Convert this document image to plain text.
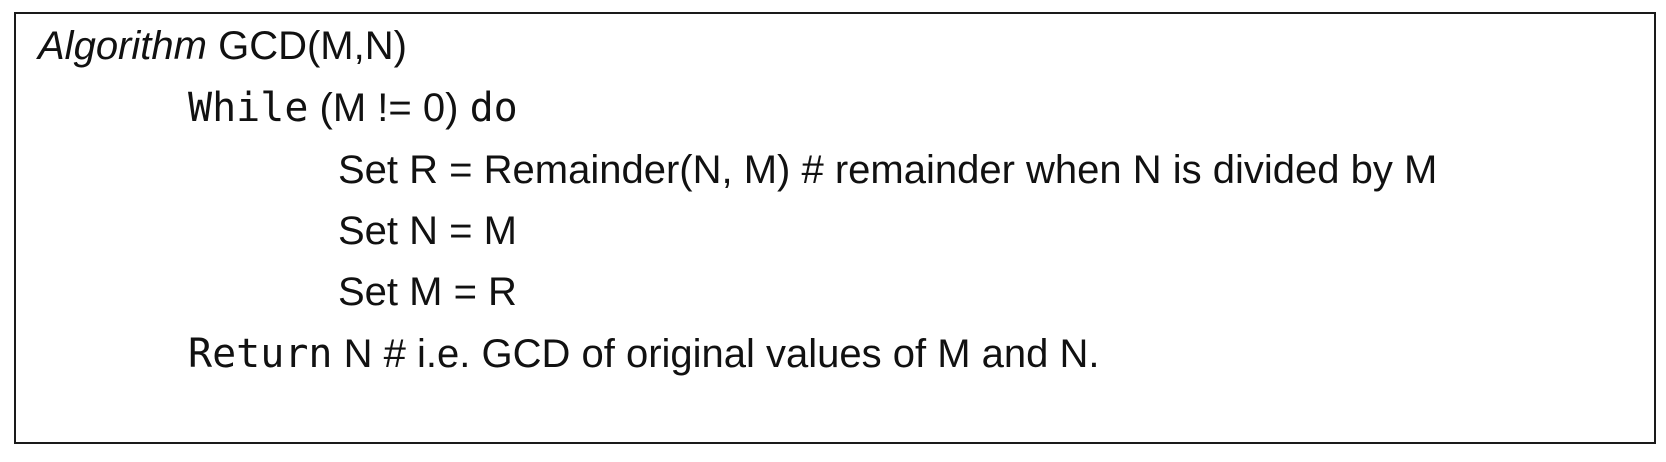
Algorithm GCD(M,N)
While (M != 0) do
Set R = Remainder(N, M) # remainder when N is divided by M
Set N = M
Set M = R
Return N # i.e. GCD of original values of M and N.
